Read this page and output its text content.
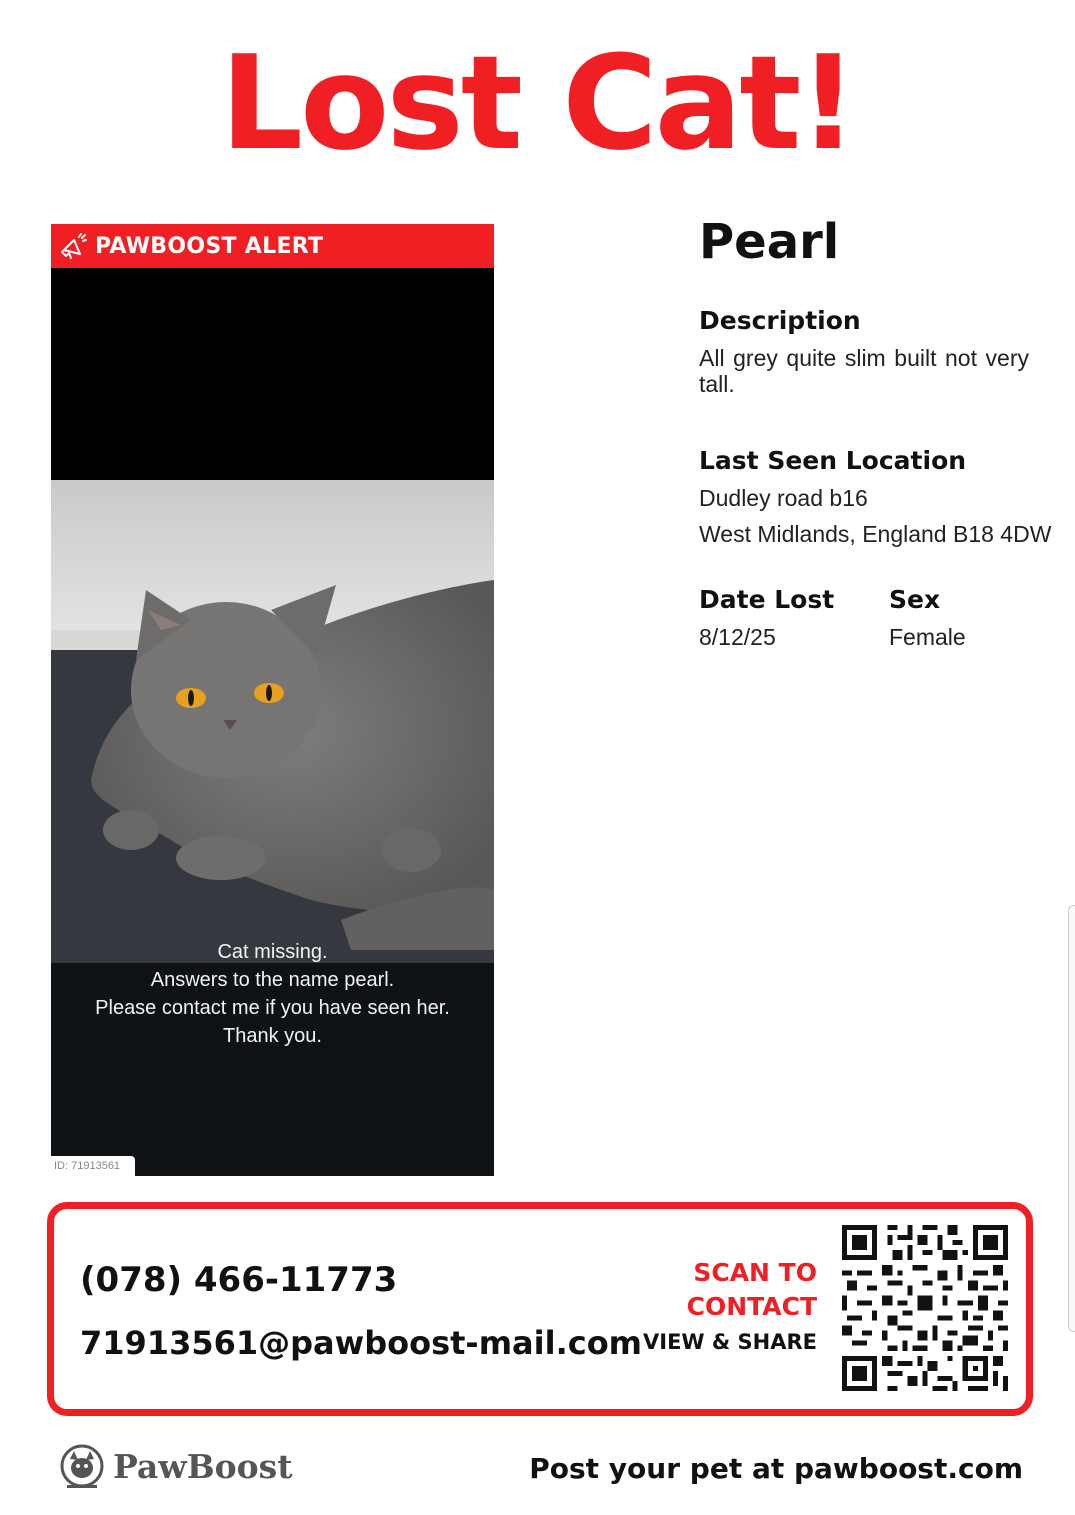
Lost Cat!
PAWBOOST ALERT
Cat missing.
Answers to the name pearl.
Please contact me if you have seen her.
Thank you.
ID: 71913561
Pearl
Description
All grey quite slim built not very tall.
Last Seen Location
Dudley road b16
West Midlands, England B18 4DW
Date Lost
8/12/25
Sex
Female
(078) 466-11773
71913561@pawboost-mail.com
SCAN TO
CONTACT
VIEW & SHARE
PawBoost	Post your pet at pawboost.com
